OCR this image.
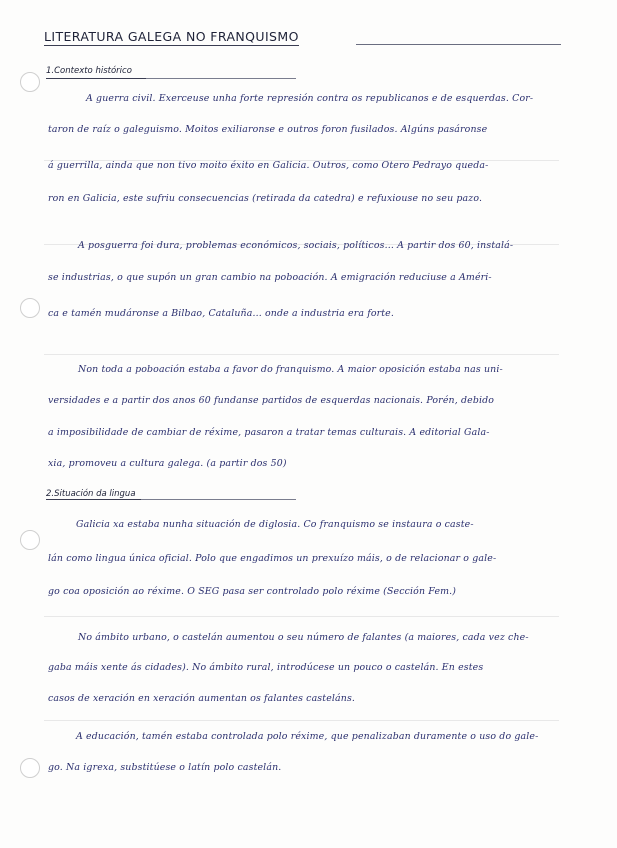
LITERATURA GALEGA NO FRANQUISMO
1.Contexto histórico
A guerra civil. Exerceuse unha forte represión contra os republicanos e de esquerdas. Cor-
taron de raíz o galeguismo. Moitos exiliaronse e outros foron fusilados. Algúns pasáronse
á guerrilla, ainda que non tivo moito éxito en Galicia. Outros, como Otero Pedrayo queda-
ron en Galicia, este sufriu consecuencias (retirada da catedra) e refuxiouse no seu pazo.
A posguerra foi dura, problemas económicos, sociais, políticos... A partir dos 60, instalá-
se industrias, o que supón un gran cambio na poboación. A emigración reduciuse a Améri-
ca e tamén mudáronse a Bilbao, Cataluña... onde a industria era forte.
Non toda a poboación estaba a favor do franquismo. A maior oposición estaba nas uni-
versidades e a partir dos anos 60 fundanse partidos de esquerdas nacionais. Porén, debido
a imposibilidade de cambiar de réxime, pasaron a tratar temas culturais. A editorial Gala-
xia, promoveu a cultura galega. (a partir dos 50)
2.Situación da lingua
Galicia xa estaba nunha situación de diglosia. Co franquismo se instaura o caste-
lán como lingua única oficial. Polo que engadimos un prexuízo máis, o de relacionar o gale-
go coa oposición ao réxime. O SEG pasa ser controlado polo réxime (Sección Fem.)
No ámbito urbano, o castelán aumentou o seu número de falantes (a maiores, cada vez che-
gaba máis xente ás cidades). No ámbito rural, introdúcese un pouco o castelán. En estes
casos de xeración en xeración aumentan os falantes casteláns.
A educación, tamén estaba controlada polo réxime, que penalizaban duramente o uso do gale-
go. Na igrexa, substitúese o latín polo castelán.
